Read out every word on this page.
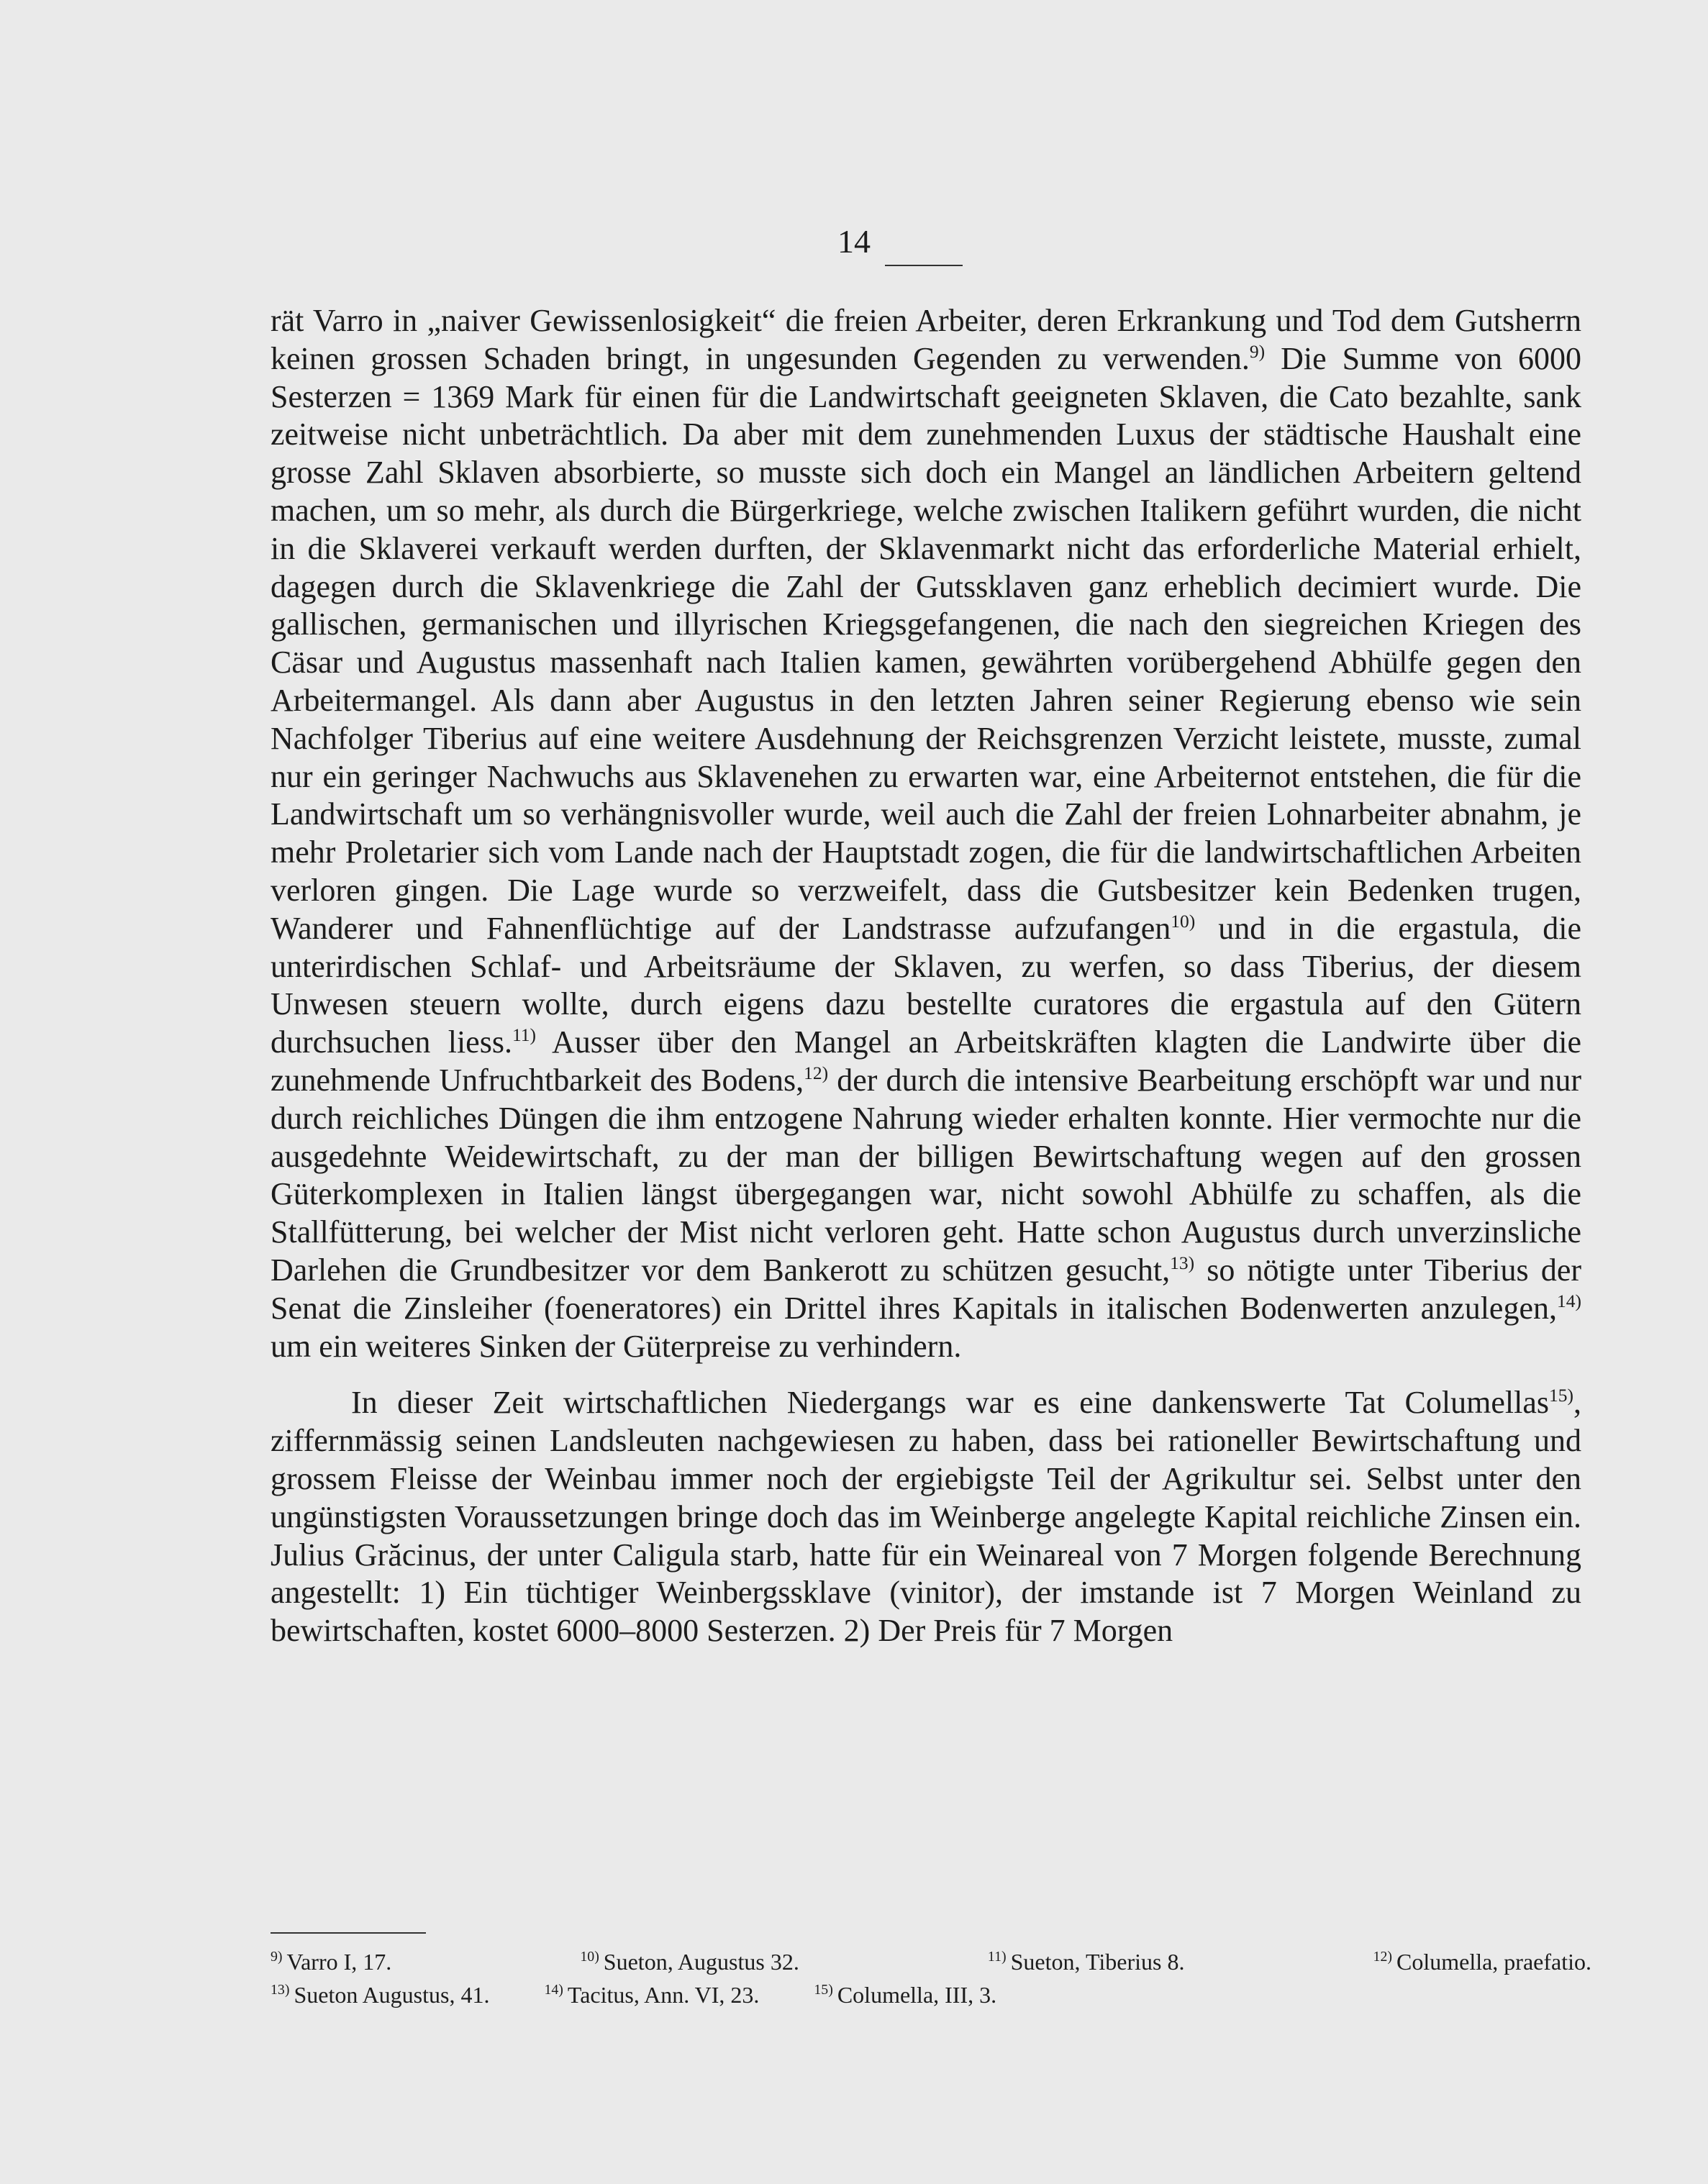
14

rät Varro in „naiver Gewissenlosigkeit“ die freien Arbeiter, deren Erkrankung und Tod dem Gutsherrn keinen grossen Schaden bringt, in ungesunden Gegenden zu verwenden.$^{9)}$ Die Summe von 6000 Sesterzen = 1369 Mark für einen für die Landwirtschaft geeigneten Sklaven, die Cato bezahlte, sank zeitweise nicht unbeträchtlich. Da aber mit dem zunehmenden Luxus der städtische Haushalt eine grosse Zahl Sklaven absorbierte, so musste sich doch ein Mangel an ländlichen Arbeitern geltend machen, um so mehr, als durch die Bürgerkriege, welche zwischen Italikern geführt wurden, die nicht in die Sklaverei verkauft werden durften, der Sklavenmarkt nicht das erforderliche Material erhielt, dagegen durch die Sklavenkriege die Zahl der Gutssklaven ganz erheblich decimiert wurde. Die gallischen, germanischen und illyrischen Kriegsgefangenen, die nach den siegreichen Kriegen des Cäsar und Augustus massenhaft nach Italien kamen, gewährten vorübergehend Abhülfe gegen den Arbeitermangel. Als dann aber Augustus in den letzten Jahren seiner Regierung ebenso wie sein Nachfolger Tiberius auf eine weitere Ausdehnung der Reichsgrenzen Verzicht leistete, musste, zumal nur ein geringer Nachwuchs aus Sklavenehen zu erwarten war, eine Arbeiternot entstehen, die für die Landwirtschaft um so verhängnisvoller wurde, weil auch die Zahl der freien Lohnarbeiter abnahm, je mehr Proletarier sich vom Lande nach der Hauptstadt zogen, die für die landwirtschaftlichen Arbeiten verloren gingen. Die Lage wurde so verzweifelt, dass die Gutsbesitzer kein Bedenken trugen, Wanderer und Fahnenflüchtige auf der Landstrasse aufzufangen$^{10)}$ und in die ergastula, die unterirdischen Schlaf- und Arbeitsräume der Sklaven, zu werfen, so dass Tiberius, der diesem Unwesen steuern wollte, durch eigens dazu bestellte curatores die ergastula auf den Gütern durchsuchen liess.$^{11)}$ Ausser über den Mangel an Arbeitskräften klagten die Landwirte über die zunehmende Unfruchtbarkeit des Bodens,$^{12)}$ der durch die intensive Bearbeitung erschöpft war und nur durch reichliches Düngen die ihm entzogene Nahrung wieder erhalten konnte. Hier vermochte nur die ausgedehnte Weidewirtschaft, zu der man der billigen Bewirtschaftung wegen auf den grossen Güterkomplexen in Italien längst übergegangen war, nicht sowohl Abhülfe zu schaffen, als die Stallfütterung, bei welcher der Mist nicht verloren geht. Hatte schon Augustus durch unverzinsliche Darlehen die Grundbesitzer vor dem Bankerott zu schützen gesucht,$^{13)}$ so nötigte unter Tiberius der Senat die Zinsleiher (foeneratores) ein Drittel ihres Kapitals in italischen Bodenwerten anzulegen,$^{14)}$ um ein weiteres Sinken der Güterpreise zu verhindern.

In dieser Zeit wirtschaftlichen Niedergangs war es eine dankenswerte Tat Columellas$^{15)}$, ziffernmässig seinen Landsleuten nachgewiesen zu haben, dass bei rationeller Bewirtschaftung und grossem Fleisse der Weinbau immer noch der ergiebigste Teil der Agrikultur sei. Selbst unter den ungünstigsten Voraussetzungen bringe doch das im Weinberge angelegte Kapital reichliche Zinsen ein. Julius Grăcinus, der unter Caligula starb, hatte für ein Weinareal von 7 Morgen folgende Berechnung angestellt: 1) Ein tüchtiger Weinbergssklave (vinitor), der imstande ist 7 Morgen Weinland zu bewirtschaften, kostet 6000–8000 Sesterzen. 2) Der Preis für 7 Morgen

$^{9)}$ Varro I, 17.	$^{10)}$ Sueton, Augustus 32.	$^{11)}$ Sueton, Tiberius 8.	$^{12)}$ Columella, praefatio.
$^{13)}$ Sueton Augustus, 41.	$^{14)}$ Tacitus, Ann. VI, 23.	$^{15)}$ Columella, III, 3.
